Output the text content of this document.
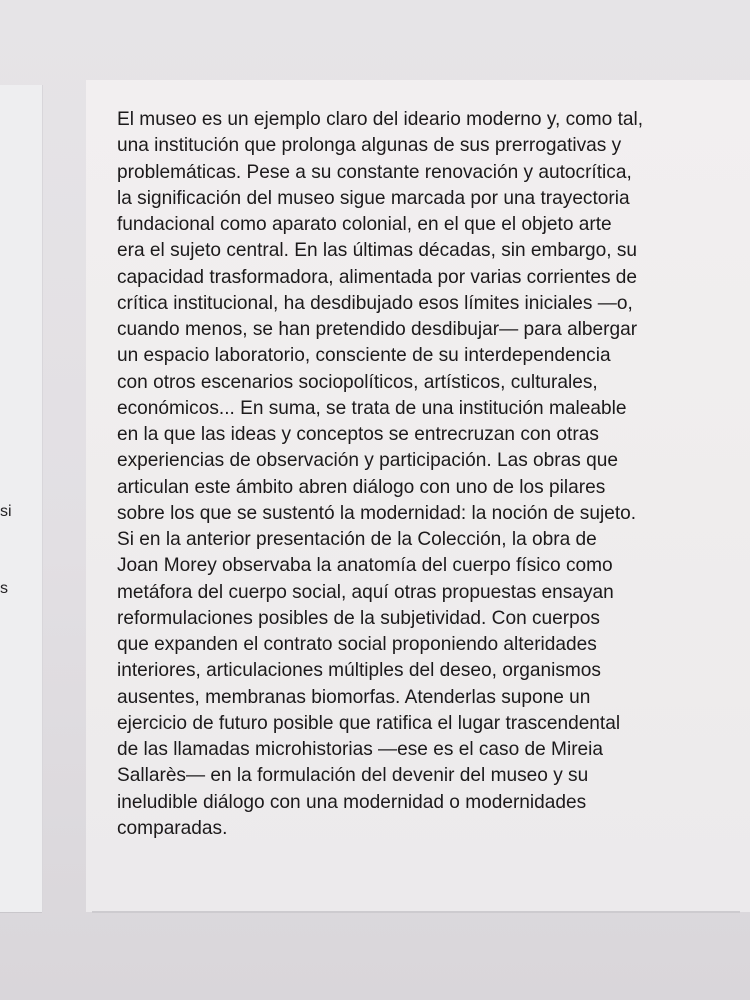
si
s
El museo es un ejemplo claro del ideario moderno y, como tal,
una institución que prolonga algunas de sus prerrogativas y
problemáticas. Pese a su constante renovación y autocrítica,
la significación del museo sigue marcada por una trayectoria
fundacional como aparato colonial, en el que el objeto arte
era el sujeto central. En las últimas décadas, sin embargo, su
capacidad trasformadora, alimentada por varias corrientes de
crítica institucional, ha desdibujado esos límites iniciales —o,
cuando menos, se han pretendido desdibujar— para albergar
un espacio laboratorio, consciente de su interdependencia
con otros escenarios sociopolíticos, artísticos, culturales,
económicos... En suma, se trata de una institución maleable
en la que las ideas y conceptos se entrecruzan con otras
experiencias de observación y participación. Las obras que
articulan este ámbito abren diálogo con uno de los pilares
sobre los que se sustentó la modernidad: la noción de sujeto.
Si en la anterior presentación de la Colección, la obra de
Joan Morey observaba la anatomía del cuerpo físico como
metáfora del cuerpo social, aquí otras propuestas ensayan
reformulaciones posibles de la subjetividad. Con cuerpos
que expanden el contrato social proponiendo alteridades
interiores, articulaciones múltiples del deseo, organismos
ausentes, membranas biomorfas. Atenderlas supone un
ejercicio de futuro posible que ratifica el lugar trascendental
de las llamadas microhistorias —ese es el caso de Mireia
Sallarès— en la formulación del devenir del museo y su
ineludible diálogo con una modernidad o modernidades
comparadas.
